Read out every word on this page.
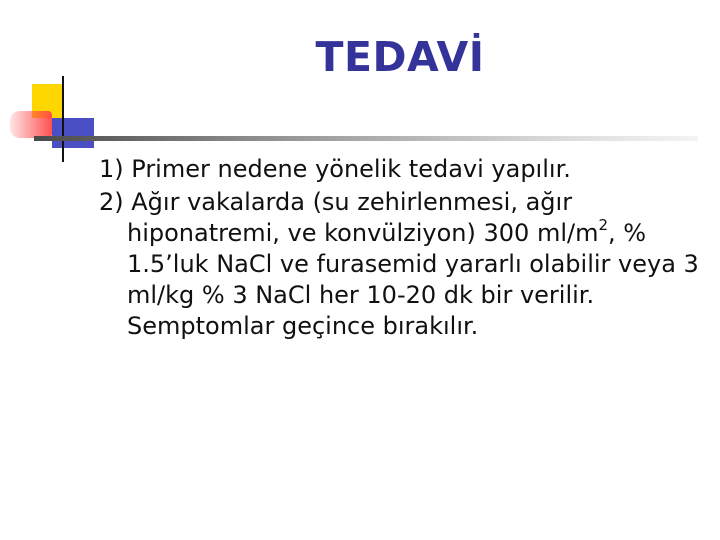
TEDAVİ

1) Primer nedene yönelik tedavi yapılır.

2) Ağır vakalarda (su zehirlenmesi, ağır hiponatremi, ve konvülziyon) 300 $ml/m^2$, % 1.5’luk NaCl ve furasemid yararlı olabilir veya 3 ml/kg % 3 NaCl her 10-20 dk bir verilir. Semptomlar geçince bırakılır.
